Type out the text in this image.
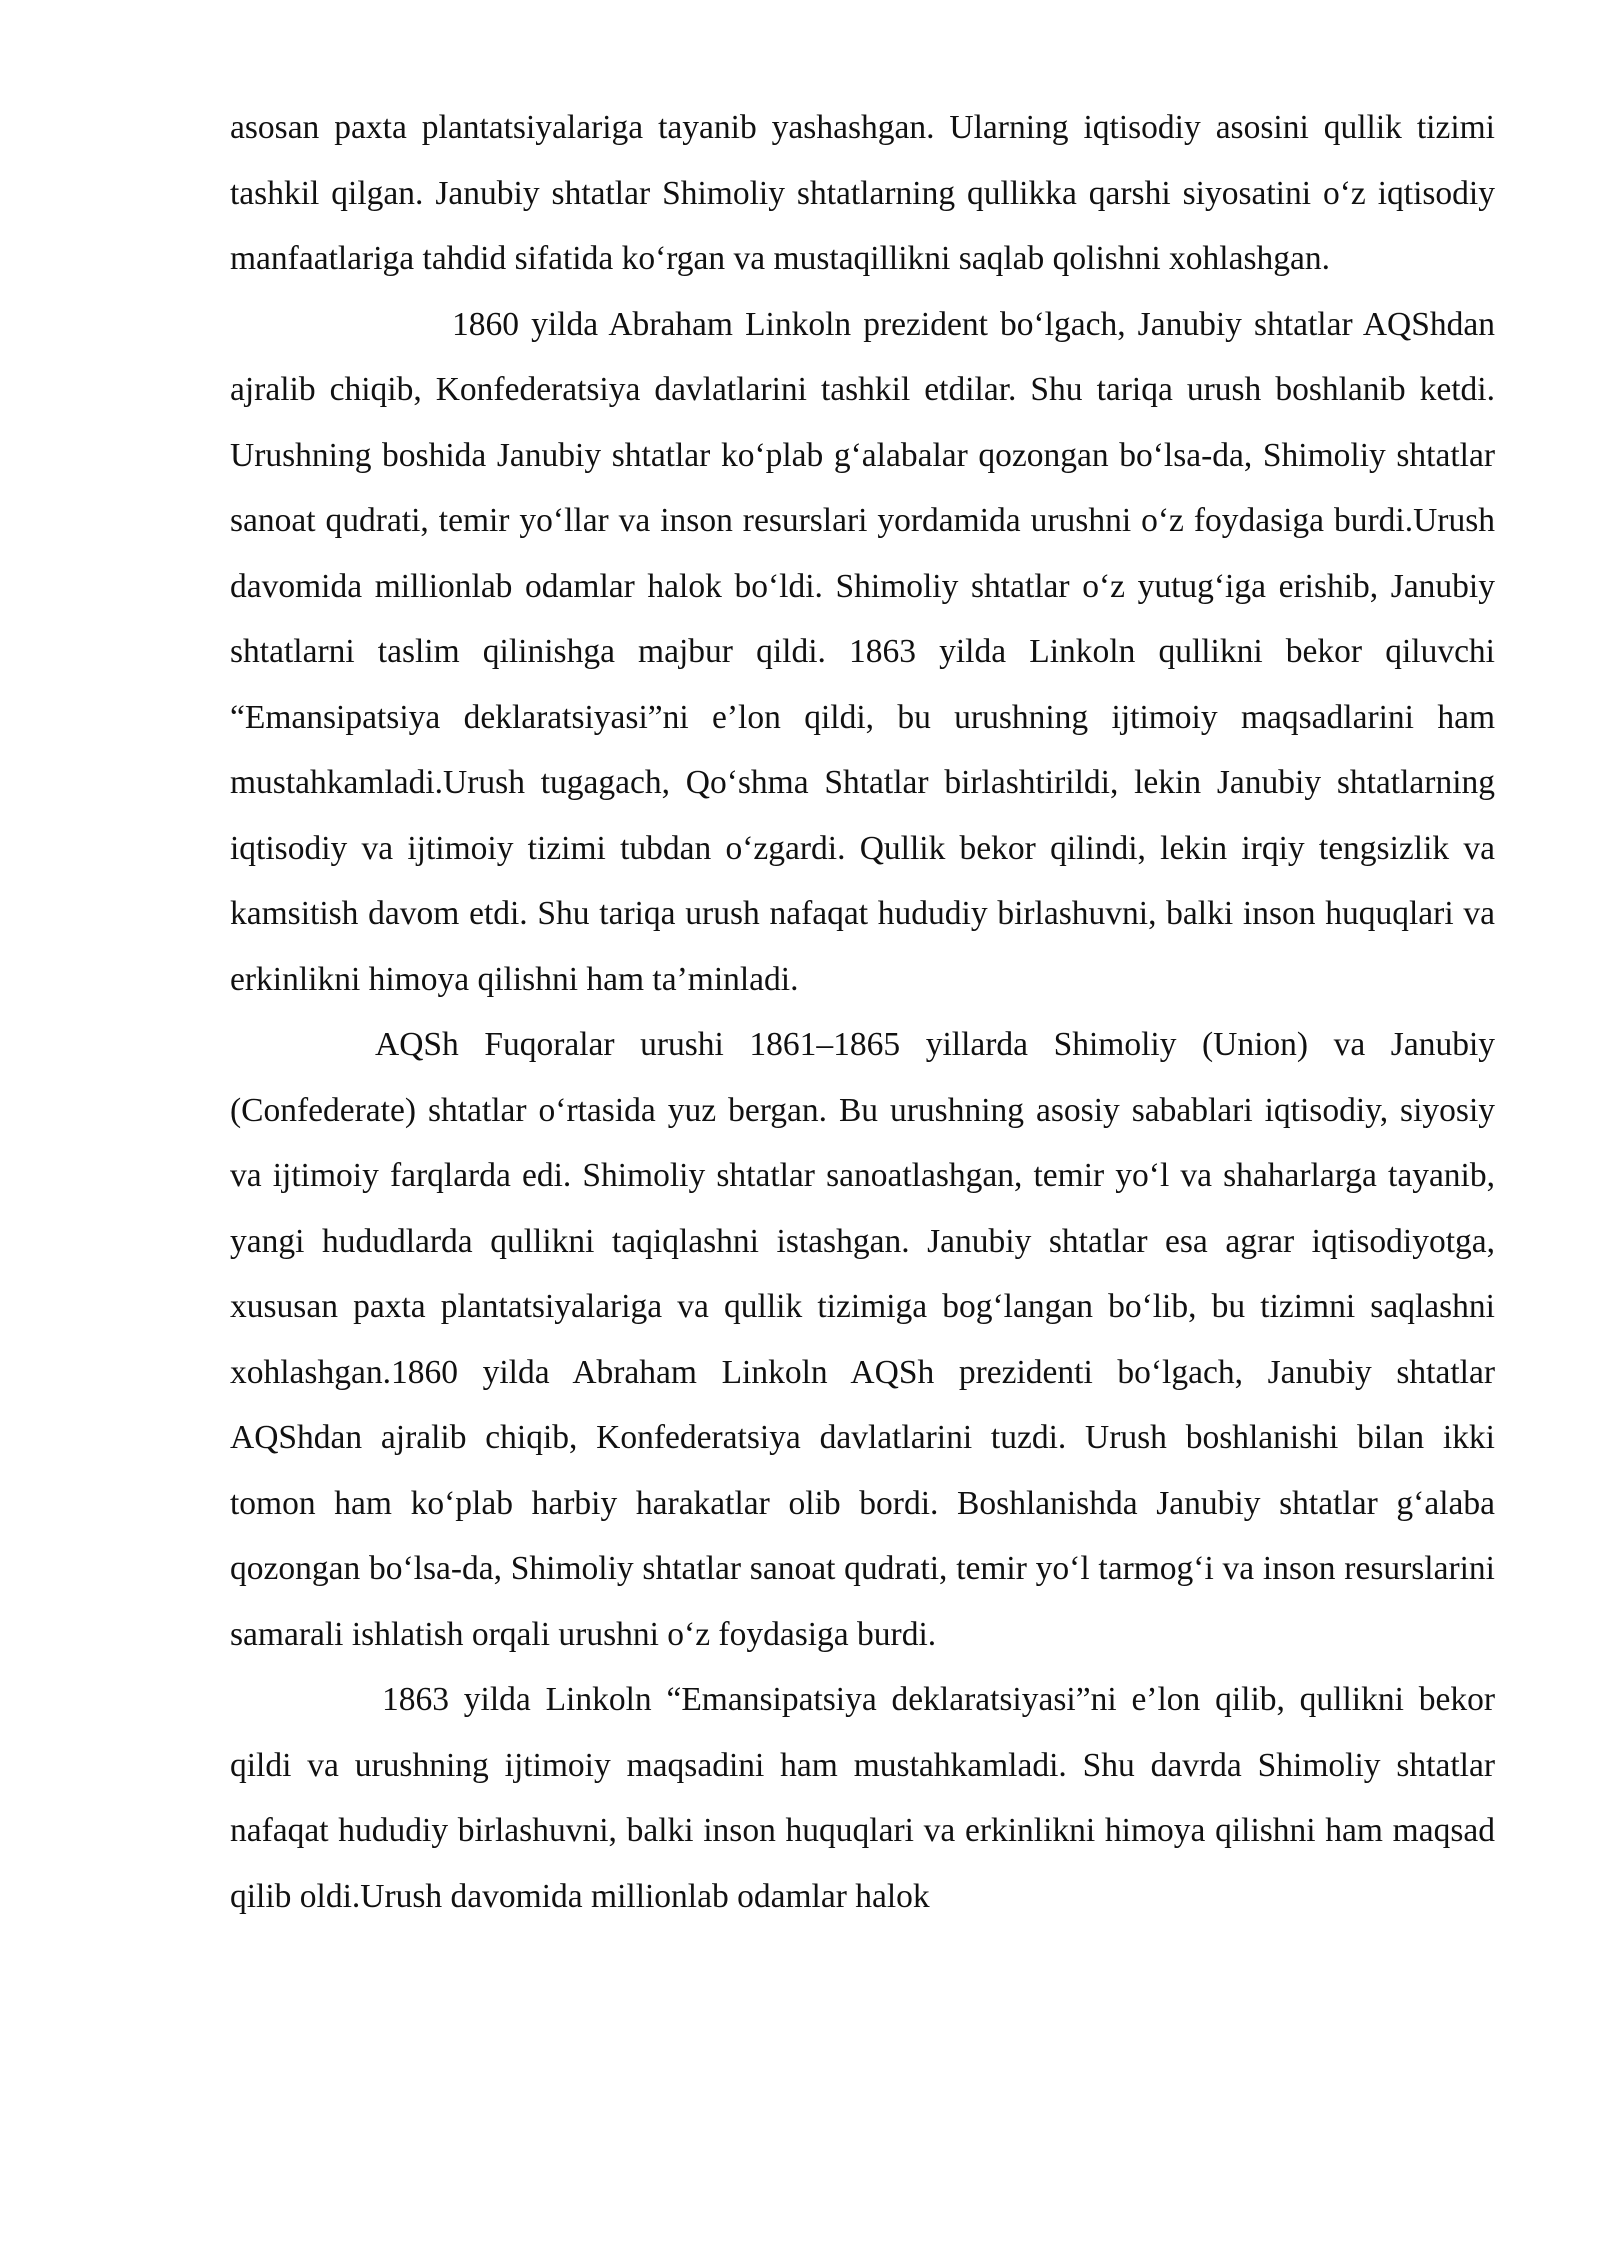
asosan paxta plantatsiyalariga tayanib yashashgan. Ularning iqtisodiy asosini qullik tizimi tashkil qilgan. Janubiy shtatlar Shimoliy shtatlarning qullikka qarshi siyosatini o‘z iqtisodiy manfaatlariga tahdid sifatida ko‘rgan va mustaqillikni saqlab qolishni xohlashgan.

1860 yilda Abraham Linkoln prezident bo‘lgach, Janubiy shtatlar AQShdan ajralib chiqib, Konfederatsiya davlatlarini tashkil etdilar. Shu tariqa urush boshlanib ketdi. Urushning boshida Janubiy shtatlar ko‘plab g‘alabalar qozongan bo‘lsa-da, Shimoliy shtatlar sanoat qudrati, temir yo‘llar va inson resurslari yordamida urushni o‘z foydasiga burdi.Urush davomida millionlab odamlar halok bo‘ldi. Shimoliy shtatlar o‘z yutug‘iga erishib, Janubiy shtatlarni taslim qilinishga majbur qildi. 1863 yilda Linkoln qullikni bekor qiluvchi “Emansipatsiya deklaratsiyasi”ni e’lon qildi, bu urushning ijtimoiy maqsadlarini ham mustahkamladi.Urush tugagach, Qo‘shma Shtatlar birlashtirildi, lekin Janubiy shtatlarning iqtisodiy va ijtimoiy tizimi tubdan o‘zgardi. Qullik bekor qilindi, lekin irqiy tengsizlik va kamsitish davom etdi. Shu tariqa urush nafaqat hududiy birlashuvni, balki inson huquqlari va erkinlikni himoya qilishni ham ta’minladi.

AQSh Fuqoralar urushi 1861–1865 yillarda Shimoliy (Union) va Janubiy (Confederate) shtatlar o‘rtasida yuz bergan. Bu urushning asosiy sabablari iqtisodiy, siyosiy va ijtimoiy farqlarda edi. Shimoliy shtatlar sanoatlashgan, temir yo‘l va shaharlarga tayanib, yangi hududlarda qullikni taqiqlashni istashgan. Janubiy shtatlar esa agrar iqtisodiyotga, xususan paxta plantatsiyalariga va qullik tizimiga bog‘langan bo‘lib, bu tizimni saqlashni xohlashgan.1860 yilda Abraham Linkoln AQSh prezidenti bo‘lgach, Janubiy shtatlar AQShdan ajralib chiqib, Konfederatsiya davlatlarini tuzdi. Urush boshlanishi bilan ikki tomon ham ko‘plab harbiy harakatlar olib bordi. Boshlanishda Janubiy shtatlar g‘alaba qozongan bo‘lsa-da, Shimoliy shtatlar sanoat qudrati, temir yo‘l tarmog‘i va inson resurslarini samarali ishlatish orqali urushni o‘z foydasiga burdi.

1863 yilda Linkoln “Emansipatsiya deklaratsiyasi”ni e’lon qilib, qullikni bekor qildi va urushning ijtimoiy maqsadini ham mustahkamladi. Shu davrda Shimoliy shtatlar nafaqat hududiy birlashuvni, balki inson huquqlari va erkinlikni himoya qilishni ham maqsad qilib oldi.Urush davomida millionlab odamlar halok
